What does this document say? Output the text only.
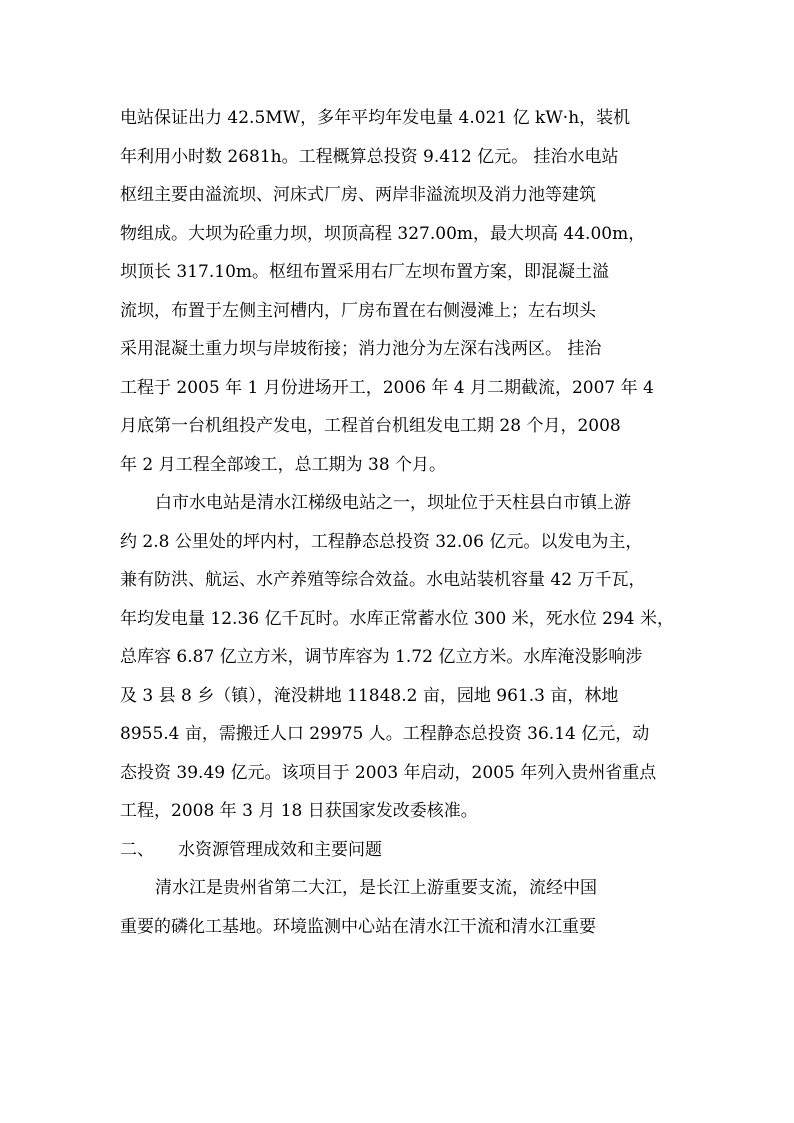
电站保证出力 42.5MW，多年平均年发电量 4.021 亿 kW·h，装机
年利用小时数 2681h。工程概算总投资 9.412 亿元。 挂治水电站
枢纽主要由溢流坝、河床式厂房、两岸非溢流坝及消力池等建筑
物组成。大坝为砼重力坝，坝顶高程 327.00m，最大坝高 44.00m，
坝顶长 317.10m。枢纽布置采用右厂左坝布置方案，即混凝土溢
流坝，布置于左侧主河槽内，厂房布置在右侧漫滩上；左右坝头
采用混凝土重力坝与岸坡衔接；消力池分为左深右浅两区。 挂治
工程于 2005 年 1 月份进场开工，2006 年 4 月二期截流，2007 年 4
月底第一台机组投产发电，工程首台机组发电工期 28 个月，2008
年 2 月工程全部竣工，总工期为 38 个月。
白市水电站是清水江梯级电站之一，坝址位于天柱县白市镇上游
约 2.8 公里处的坪内村，工程静态总投资 32.06 亿元。以发电为主，
兼有防洪、航运、水产养殖等综合效益。水电站装机容量 42 万千瓦，
年均发电量 12.36 亿千瓦时。水库正常蓄水位 300 米，死水位 294 米，
总库容 6.87 亿立方米，调节库容为 1.72 亿立方米。水库淹没影响涉
及 3 县 8 乡（镇），淹没耕地 11848.2 亩，园地 961.3 亩，林地
8955.4 亩，需搬迁人口 29975 人。工程静态总投资 36.14 亿元，动
态投资 39.49 亿元。该项目于 2003 年启动，2005 年列入贵州省重点
工程，2008 年 3 月 18 日获国家发改委核准。
二、 水资源管理成效和主要问题
清水江是贵州省第二大江，是长江上游重要支流，流经中国
重要的磷化工基地。环境监测中心站在清水江干流和清水江重要
